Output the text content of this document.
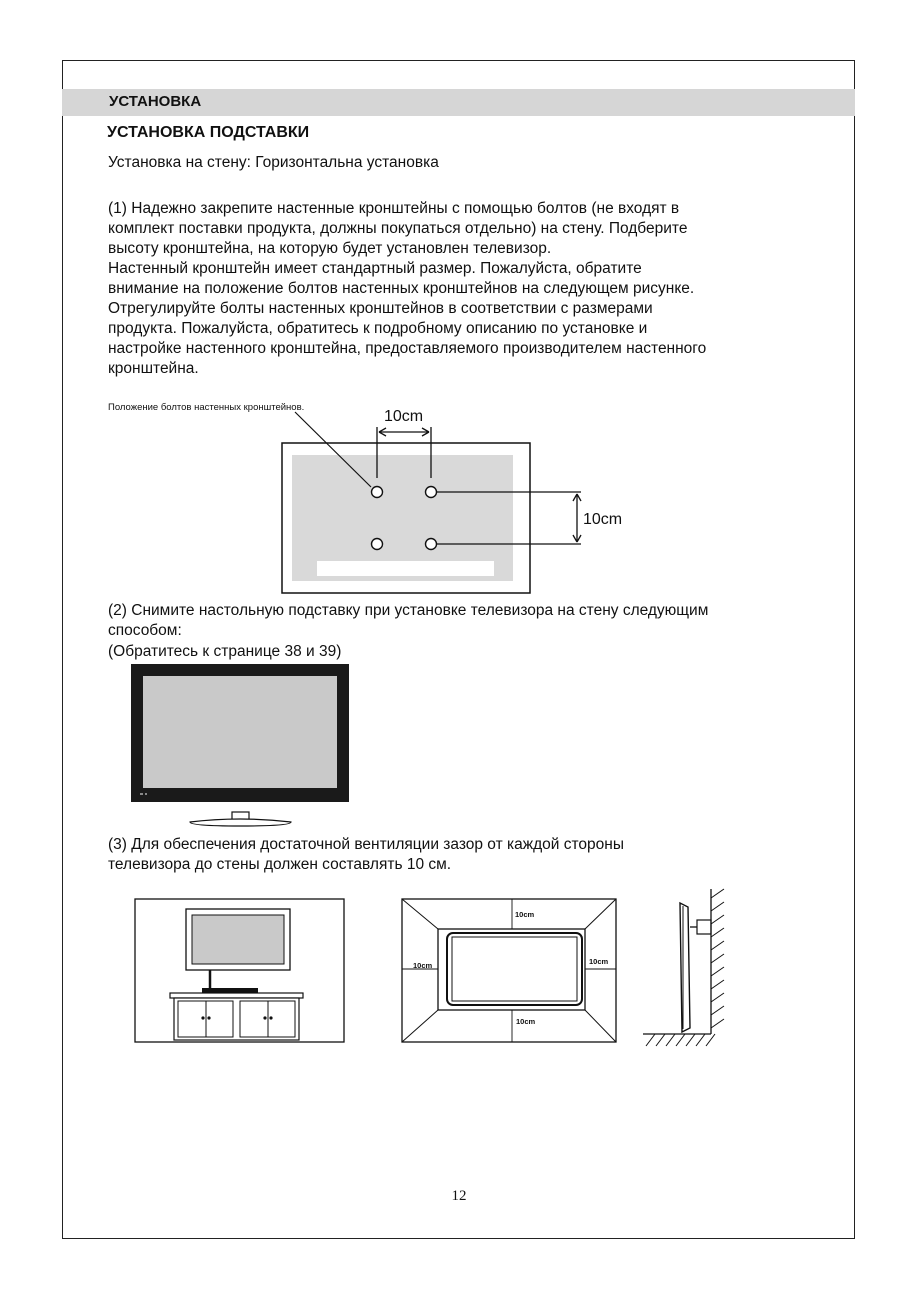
УСТАНОВКА
УСТАНОВКА ПОДСТАВКИ
Установка на стену: Горизонтальна установка
(1) Надежно закрепите настенные кронштейны с помощью болтов (не входят в
комплект поставки продукта, должны покупаться отдельно) на стену. Подберите
высоту кронштейна, на которую будет установлен телевизор.
Настенный кронштейн имеет стандартный размер. Пожалуйста, обратите
внимание на положение болтов настенных кронштейнов на следующем рисунке.
Отрегулируйте болты настенных кронштейнов в соответствии с размерами
продукта. Пожалуйста, обратитесь к подробному описанию по установке и
настройке настенного кронштейна, предоставляемого производителем настенного
кронштейна.
Положение болтов настенных кронштейнов.
10cm
10cm
(2) Снимите настольную подставку при установке телевизора на стену следующим
способом:
(Обратитесь к странице 38 и 39)
(3) Для обеспечения достаточной вентиляции зазор от каждой стороны
телевизора до стены должен составлять 10 см.
10cm
10cm	10cm
10cm
12
